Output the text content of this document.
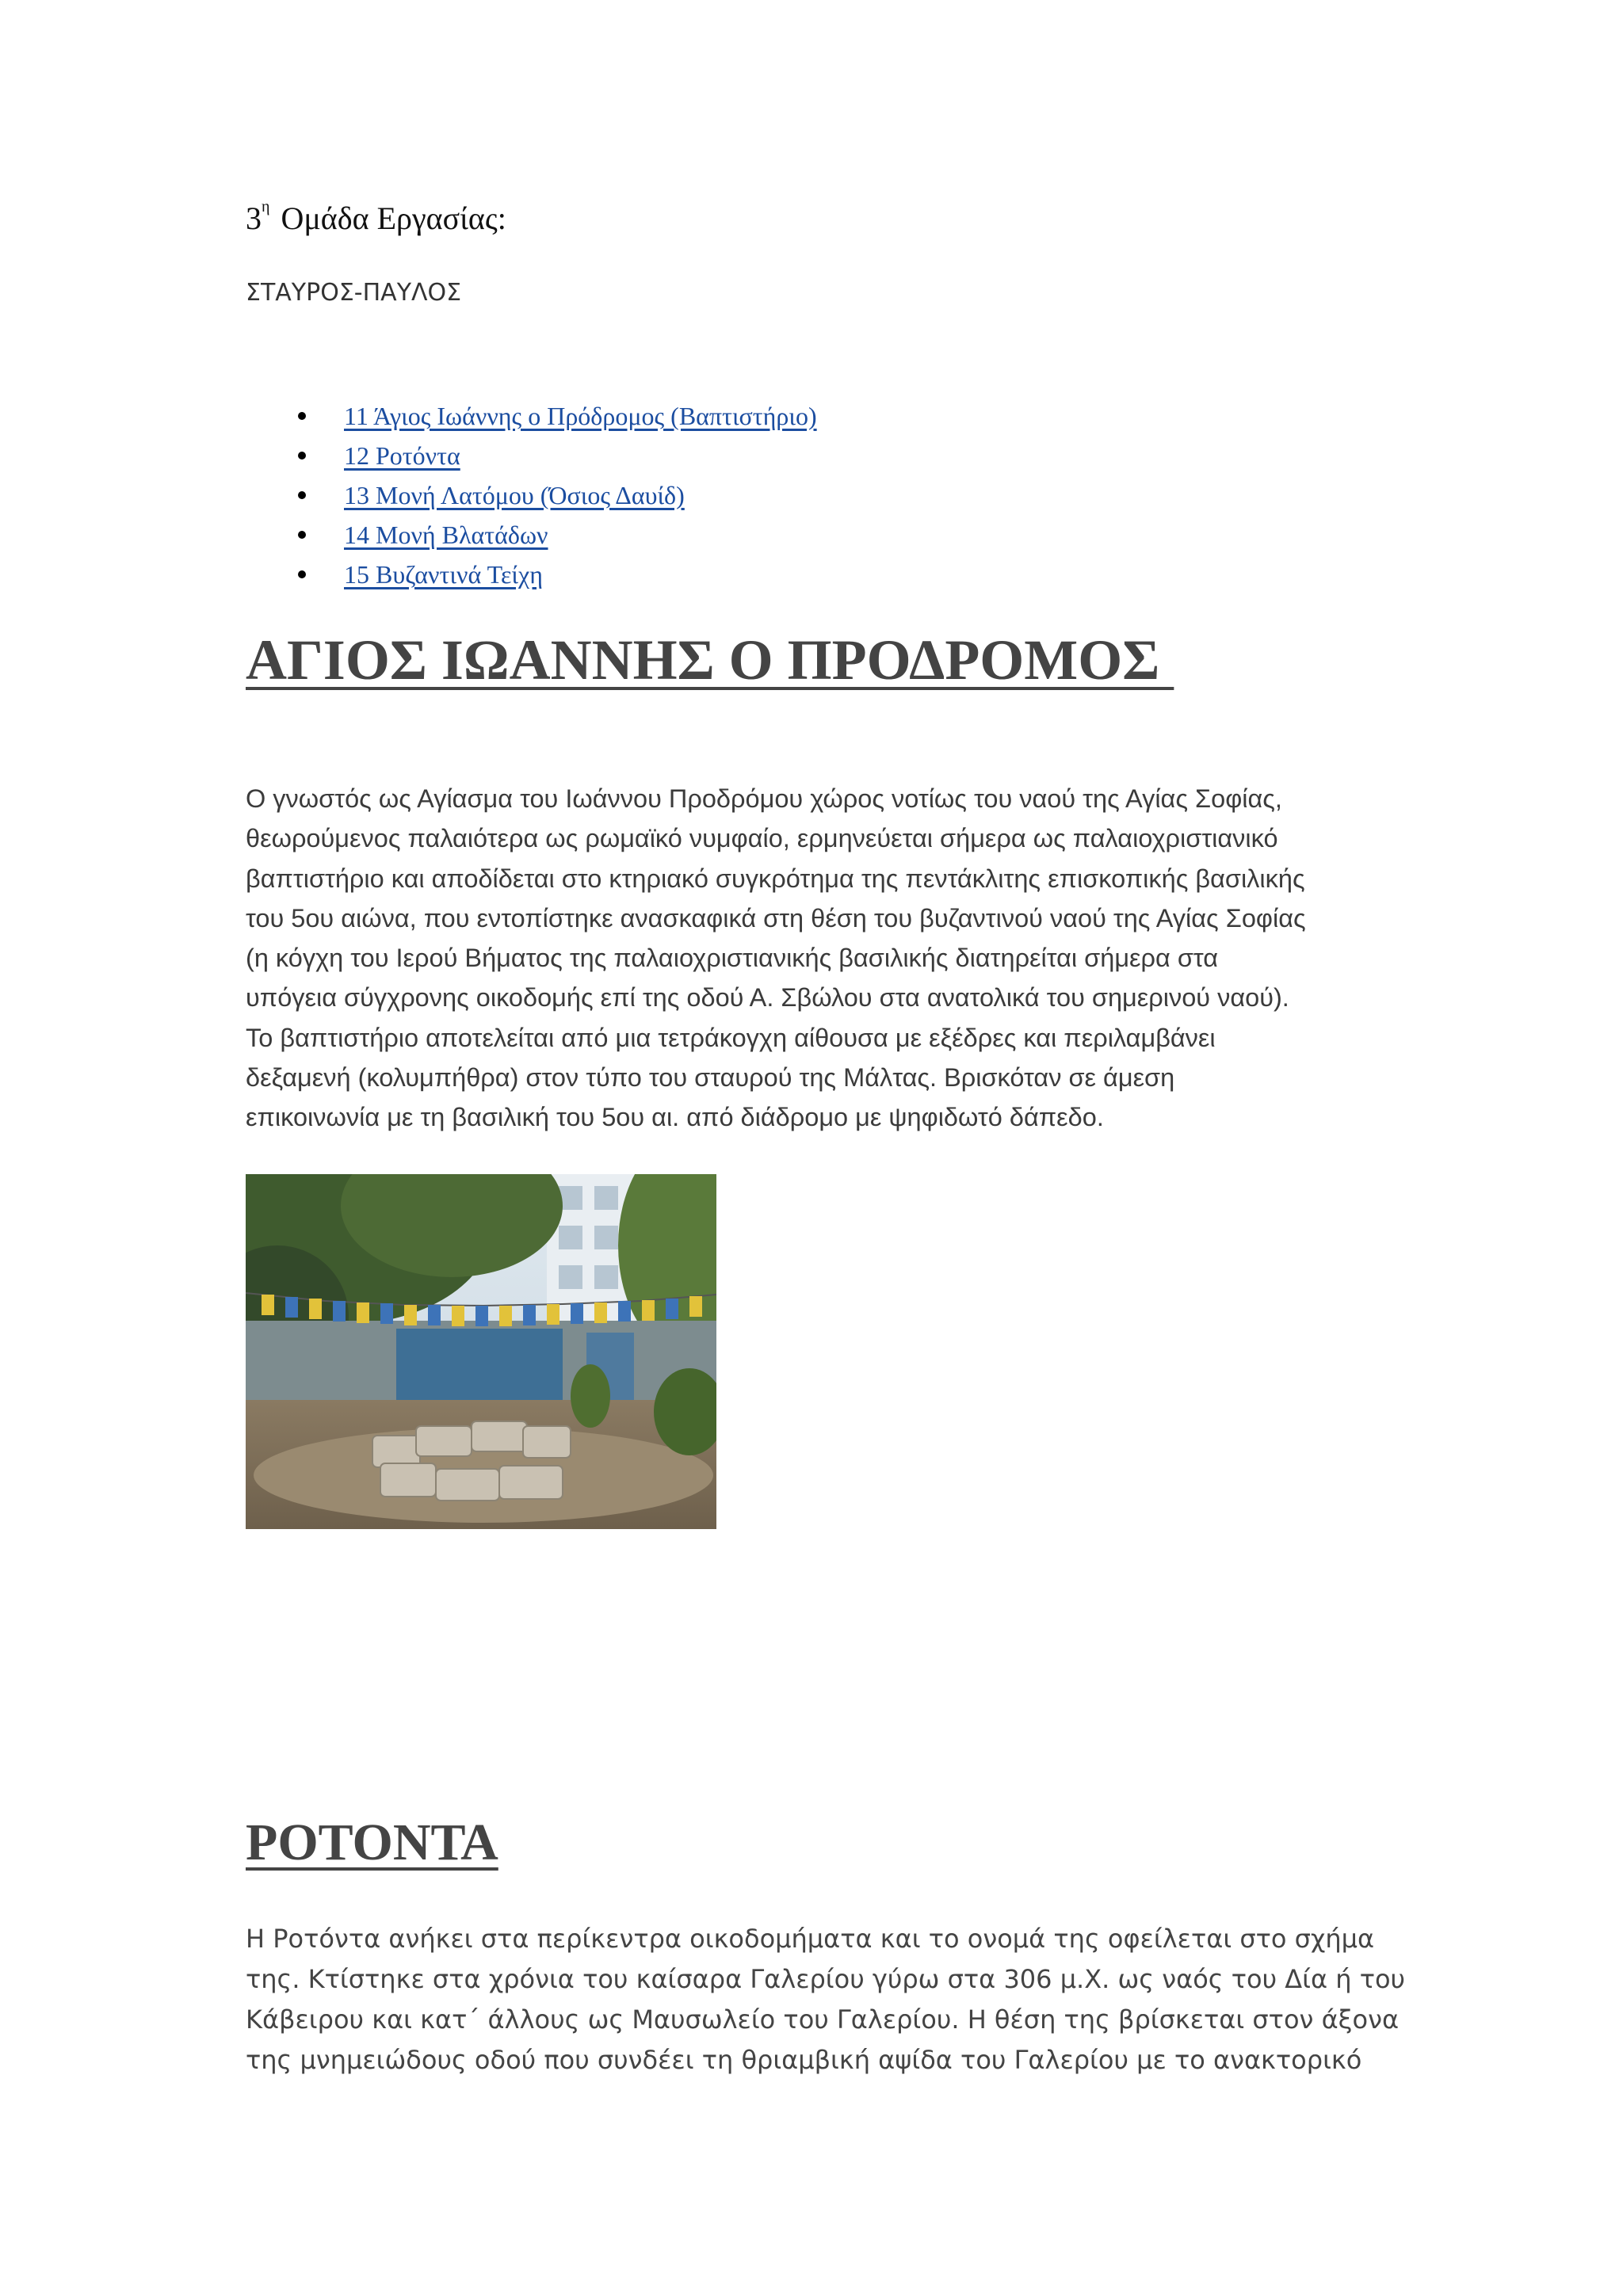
$3^\eta$ Ομάδα Εργασίας:
ΣΤΑΥΡΟΣ-ΠΑΥΛΟΣ
11 Άγιος Ιωάννης ο Πρόδρομος (Βαπτιστήριο)
12 Ροτόντα
13 Μονή Λατόμου (Όσιος Δαυίδ)
14 Μονή Βλατάδων
15 Βυζαντινά Τείχη
ΑΓΙΟΣ ΙΩΑΝΝΗΣ Ο ΠΡΟΔΡΟΜΟΣ
Ο γνωστός ως Αγίασμα του Ιωάννου Προδρόμου χώρος νοτίως του ναού της Αγίας Σοφίας,
θεωρούμενος παλαιότερα ως ρωμαϊκό νυμφαίο, ερμηνεύεται σήμερα ως παλαιοχριστιανικό
βαπτιστήριο και αποδίδεται στο κτηριακό συγκρότημα της πεντάκλιτης επισκοπικής βασιλικής
του 5ου αιώνα, που εντοπίστηκε ανασκαφικά στη θέση του βυζαντινού ναού της Αγίας Σοφίας
(η κόγχη του Ιερού Βήματος της παλαιοχριστιανικής βασιλικής διατηρείται σήμερα στα
υπόγεια σύγχρονης οικοδομής επί της οδού Α. Σβώλου στα ανατολικά του σημερινού ναού).
Το βαπτιστήριο αποτελείται από μια τετράκογχη αίθουσα με εξέδρες και περιλαμβάνει
δεξαμενή (κολυμπήθρα) στον τύπο του σταυρού της Μάλτας. Βρισκόταν σε άμεση
επικοινωνία με τη βασιλική του 5ου αι. από διάδρομο με ψηφιδωτό δάπεδο.
ΡΟΤΟΝΤΑ
Η Ροτόντα ανήκει στα περίκεντρα οικοδομήματα και το ονομά της οφείλεται στο σχήμα
της. Κτίστηκε στα χρόνια του καίσαρα Γαλερίου γύρω στα 306 μ.Χ. ως ναός του Δία ή του
Κάβειρου και κατ΄ άλλους ως Μαυσωλείο του Γαλερίου. Η θέση της βρίσκεται στον άξονα
της μνημειώδους οδού που συνδέει τη θριαμβική αψίδα του Γαλερίου με το ανακτορικό
